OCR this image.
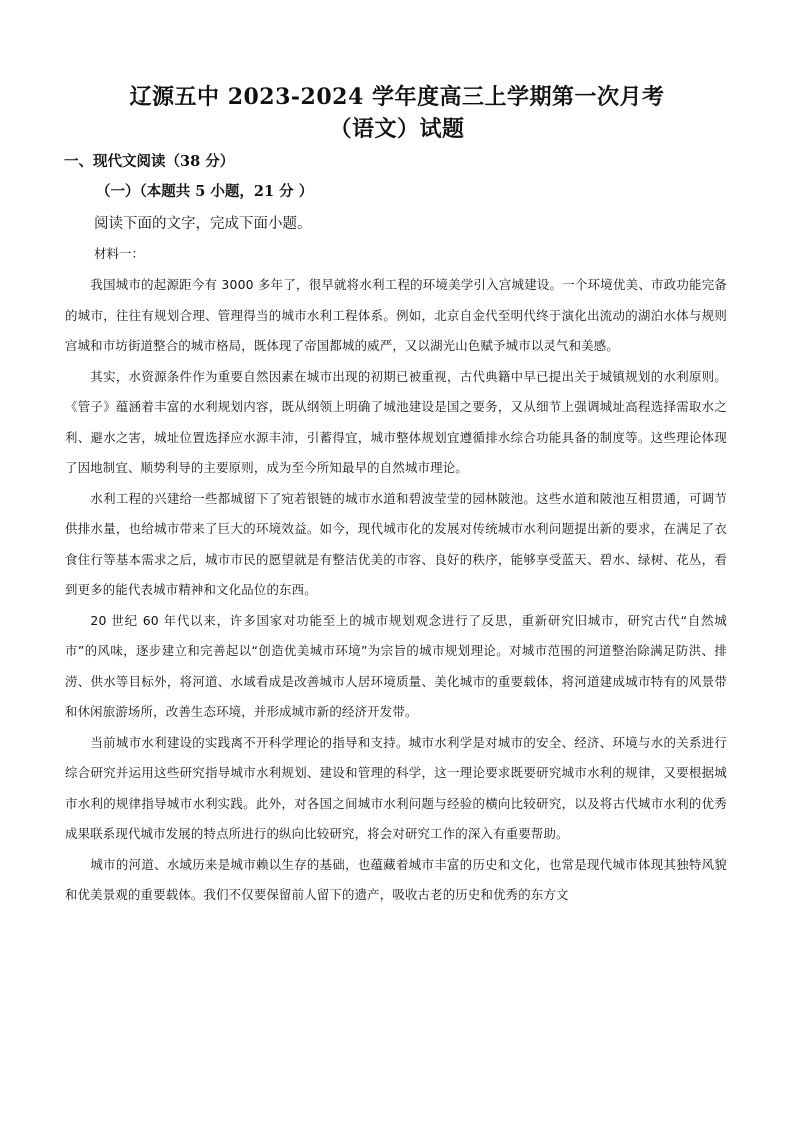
辽源五中 2023-2024 学年度高三上学期第一次月考
（语文）试题
一、现代文阅读（38 分）
（一）（本题共 5 小题，21 分 ）
阅读下面的文字，完成下面小题。
材料一：

我国城市的起源距今有 3000 多年了，很早就将水利工程的环境美学引入宫城建设。一个环境优美、市政功能完备的城市，往往有规划合理、管理得当的城市水利工程体系。例如，北京自金代至明代终于演化出流动的湖泊水体与规则宫城和市坊街道整合的城市格局，既体现了帝国都城的威严，又以湖光山色赋予城市以灵气和美感。

其实，水资源条件作为重要自然因素在城市出现的初期已被重视，古代典籍中早已提出关于城镇规划的水利原则。《管子》蕴涵着丰富的水利规划内容，既从纲领上明确了城池建设是国之要务，又从细节上强调城址高程选择需取水之利、避水之害，城址位置选择应水源丰沛，引蓄得宜，城市整体规划宜遵循排水综合功能具备的制度等。这些理论体现了因地制宜、顺势利导的主要原则，成为至今所知最早的自然城市理论。

水利工程的兴建给一些都城留下了宛若银链的城市水道和碧波莹莹的园林陂池。这些水道和陂池互相贯通，可调节供排水量，也给城市带来了巨大的环境效益。如今，现代城市化的发展对传统城市水利问题提出新的要求，在满足了衣食住行等基本需求之后，城市市民的愿望就是有整洁优美的市容、良好的秩序，能够享受蓝天、碧水、绿树、花丛，看到更多的能代表城市精神和文化品位的东西。

20 世纪 60 年代以来，许多国家对功能至上的城市规划观念进行了反思，重新研究旧城市，研究古代“自然城市”的风味，逐步建立和完善起以“创造优美城市环境”为宗旨的城市规划理论。对城市范围的河道整治除满足防洪、排涝、供水等目标外，将河道、水域看成是改善城市人居环境质量、美化城市的重要载体，将河道建成城市特有的风景带和休闲旅游场所，改善生态环境，并形成城市新的经济开发带。

当前城市水利建设的实践离不开科学理论的指导和支持。城市水利学是对城市的安全、经济、环境与水的关系进行综合研究并运用这些研究指导城市水利规划、建设和管理的科学，这一理论要求既要研究城市水利的规律，又要根据城市水利的规律指导城市水利实践。此外，对各国之间城市水利问题与经验的横向比较研究，以及将古代城市水利的优秀成果联系现代城市发展的特点所进行的纵向比较研究，将会对研究工作的深入有重要帮助。

城市的河道、水域历来是城市赖以生存的基础，也蕴藏着城市丰富的历史和文化，也常是现代城市体现其独特风貌和优美景观的重要载体。我们不仅要保留前人留下的遗产，吸收古老的历史和优秀的东方文
